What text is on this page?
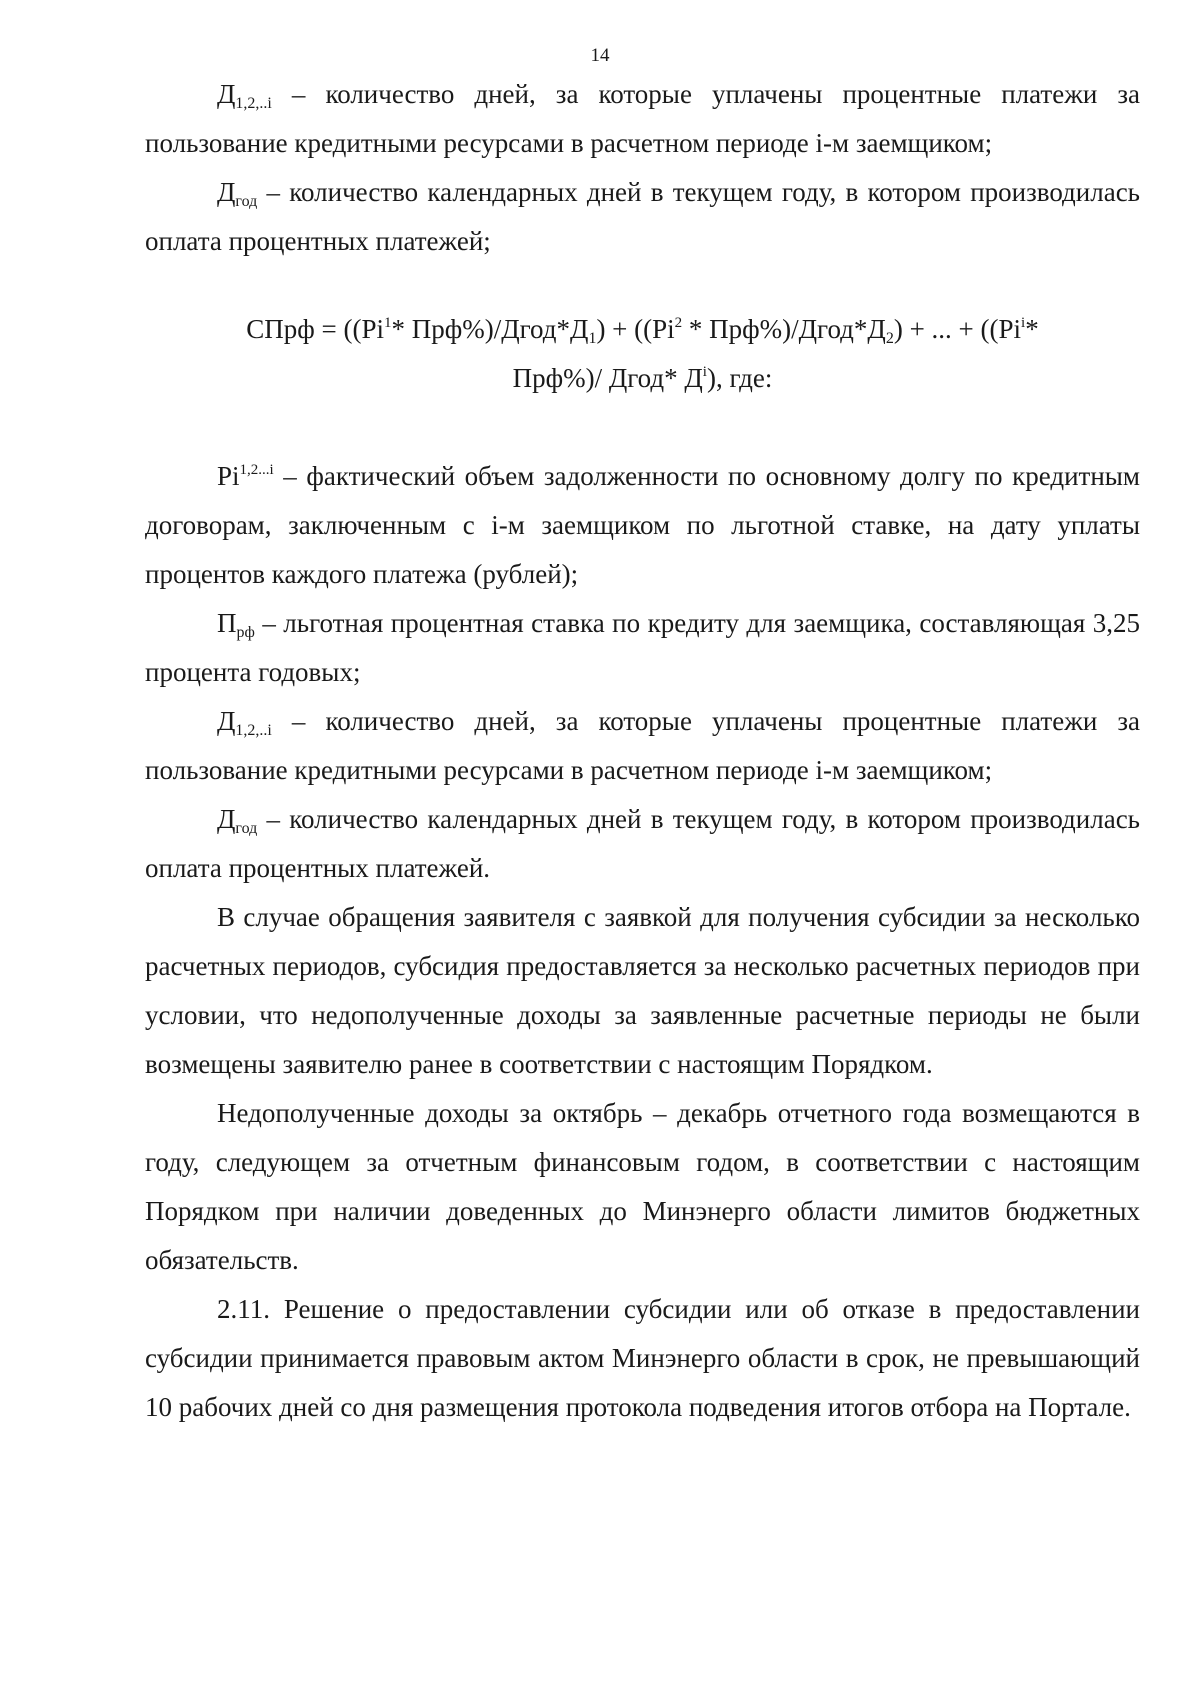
14

$Д_{1,2,..i}$ – количество дней, за которые уплачены процентные платежи за пользование кредитными ресурсами в расчетном периоде i-м заемщиком;

$Д_{год}$ – количество календарных дней в текущем году, в котором производилась оплата процентных платежей;

СПрф = (($Pi^1*$ $Прф\%)/Дгод*Д_1) + ((Pi^2$ * $Прф\%)/Дгод*Д_2$) + ... + (($Pi^i*$

Прф%)/ Дгод* $Д^i$), где:

$Pi^{1,2...i}$ – фактический объем задолженности по основному долгу по кредитным договорам, заключенным с i-м заемщиком по льготной ставке, на дату уплаты процентов каждого платежа (рублей);

$П_{рф}$ – льготная процентная ставка по кредиту для заемщика, составляющая 3,25 процента годовых;

$Д_{1,2,..i}$ – количество дней, за которые уплачены процентные платежи за пользование кредитными ресурсами в расчетном периоде i-м заемщиком;

$Д_{год}$ – количество календарных дней в текущем году, в котором производилась оплата процентных платежей.

В случае обращения заявителя с заявкой для получения субсидии за несколько расчетных периодов, субсидия предоставляется за несколько расчетных периодов при условии, что недополученные доходы за заявленные расчетные периоды не были возмещены заявителю ранее в соответствии с настоящим Порядком.

Недополученные доходы за октябрь – декабрь отчетного года возмещаются в году, следующем за отчетным финансовым годом, в соответствии с настоящим Порядком при наличии доведенных до Минэнерго области лимитов бюджетных обязательств.

2.11. Решение о предоставлении субсидии или об отказе в предоставлении субсидии принимается правовым актом Минэнерго области в срок, не превышающий 10 рабочих дней со дня размещения протокола подведения итогов отбора на Портале.
